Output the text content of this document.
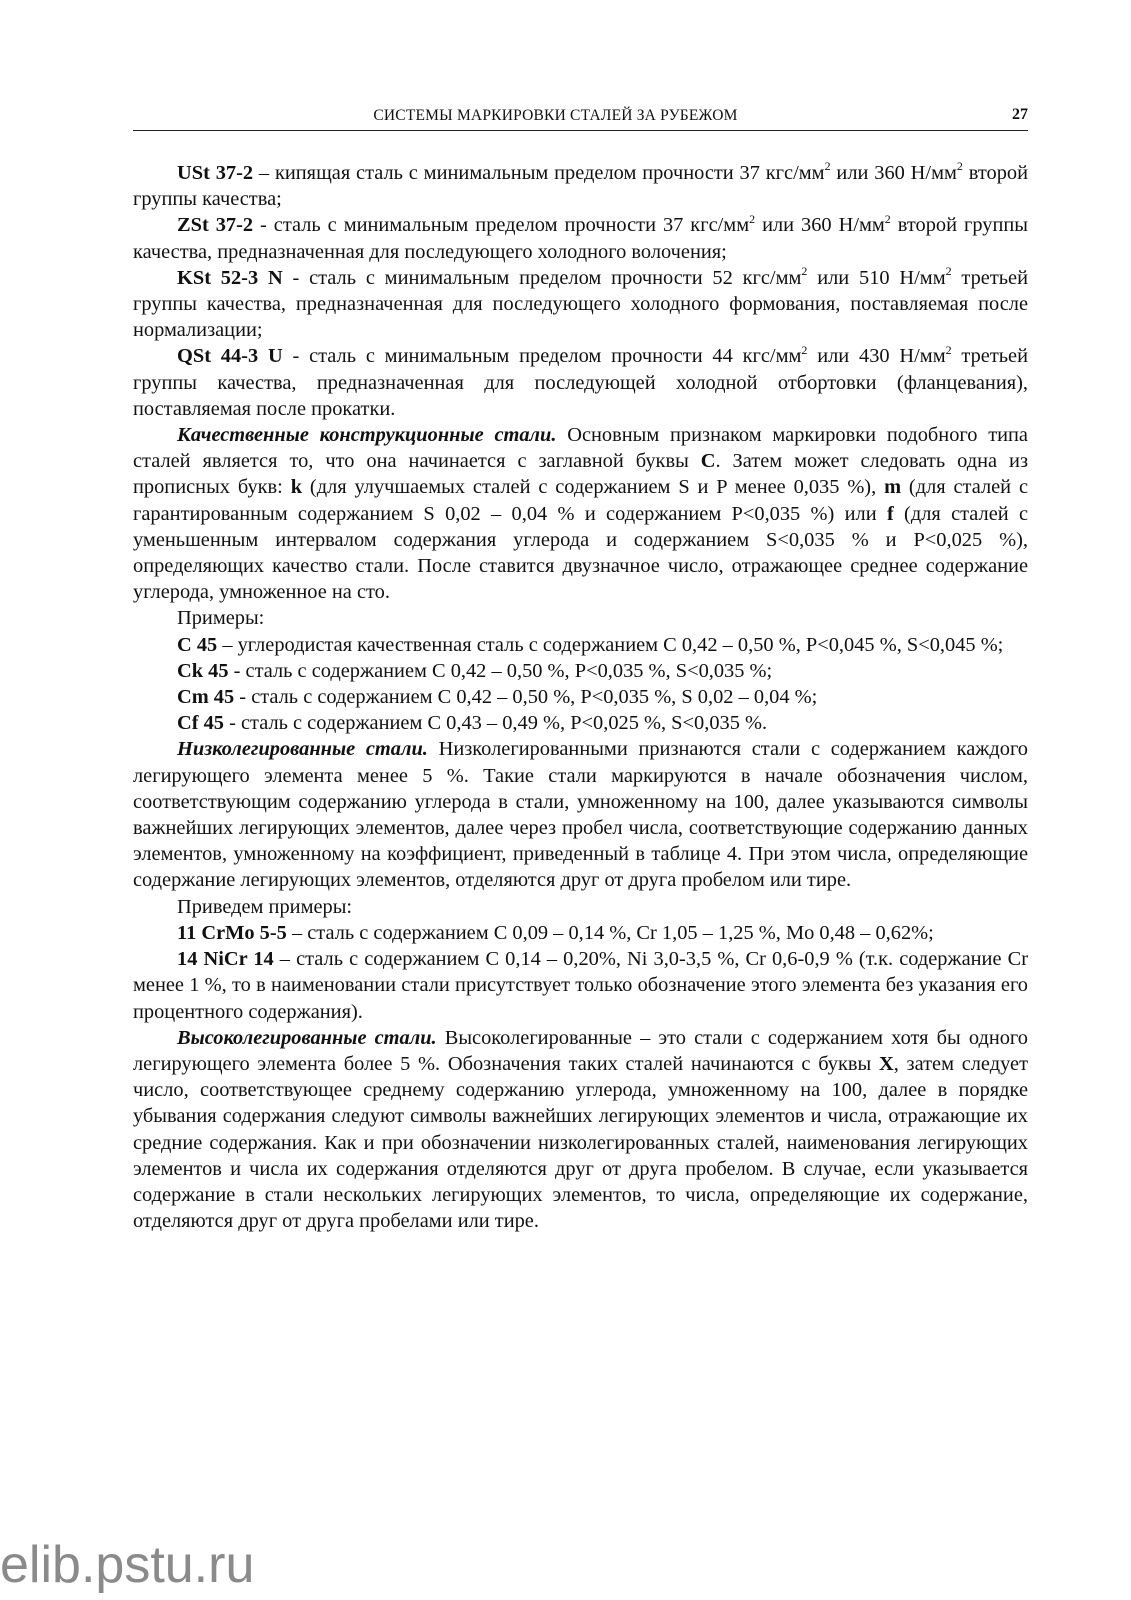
СИСТЕМЫ МАРКИРОВКИ СТАЛЕЙ ЗА РУБЕЖОМ	27

USt 37-2 – кипящая сталь с минимальным пределом прочности 37 кгс/$мм^2$ или 360 $Н/мм^2$ второй группы качества;

ZSt 37-2 - сталь с минимальным пределом прочности 37 кгс/$мм^2$ или 360 $Н/мм^2$ второй группы качества, предназначенная для последующего холодного волочения;

KSt 52-3 N - сталь с минимальным пределом прочности 52 кгс/$мм^2$ или 510 $Н/мм^2$ третьей группы качества, предназначенная для последующего холодного формования, поставляемая после нормализации;

QSt 44-3 U - сталь с минимальным пределом прочности 44 кгс/$мм^2$ или 430 $Н/мм^2$ третьей группы качества, предназначенная для последующей холодной отбортовки (фланцевания), поставляемая после прокатки.

Качественные конструкционные стали. Основным признаком маркировки подобного типа сталей является то, что она начинается с заглавной буквы С. Затем может следовать одна из прописных букв: k (для улучшаемых сталей с содержанием S и P менее 0,035 %), m (для сталей с гарантированным содержанием S 0,02 – 0,04 % и содержанием P<0,035 %) или f (для сталей с уменьшенным интервалом содержания углерода и содержанием S<0,035 % и P<0,025 %), определяющих качество стали. После ставится двузначное число, отражающее среднее содержание углерода, умноженное на сто.

Примеры:

C 45 – углеродистая качественная сталь с содержанием C 0,42 – 0,50 %, P<0,045 %, S<0,045 %;

Ck 45 - сталь с содержанием C 0,42 – 0,50 %, P<0,035 %, S<0,035 %;

Cm 45 - сталь с содержанием C 0,42 – 0,50 %, P<0,035 %, S 0,02 – 0,04 %;

Cf 45 - сталь с содержанием C 0,43 – 0,49 %, P<0,025 %, S<0,035 %.

Низколегированные стали. Низколегированными признаются стали с содержанием каждого легирующего элемента менее 5 %. Такие стали маркируются в начале обозначения числом, соответствующим содержанию углерода в стали, умноженному на 100, далее указываются символы важнейших легирующих элементов, далее через пробел числа, соответствующие содержанию данных элементов, умноженному на коэффициент, приведенный в таблице 4. При этом числа, определяющие содержание легирующих элементов, отделяются друг от друга пробелом или тире.

Приведем примеры:

11 CrMo 5-5 – сталь с содержанием C 0,09 – 0,14 %, Cr 1,05 – 1,25 %, Mo 0,48 – 0,62%;

14 NiCr 14 – сталь с содержанием C 0,14 – 0,20%, Ni 3,0-3,5 %, Cr 0,6-0,9 % (т.к. содержание Cr менее 1 %, то в наименовании стали присутствует только обозначение этого элемента без указания его процентного содержания).

Высоколегированные стали. Высоколегированные – это стали с содержанием хотя бы одного легирующего элемента более 5 %. Обозначения таких сталей начинаются с буквы X, затем следует число, соответствующее среднему содержанию углерода, умноженному на 100, далее в порядке убывания содержания следуют символы важнейших легирующих элементов и числа, отражающие их средние содержания. Как и при обозначении низколегированных сталей, наименования легирующих элементов и числа их содержания отделяются друг от друга пробелом. В случае, если указывается содержание в стали нескольких легирующих элементов, то числа, определяющие их содержание, отделяются друг от друга пробелами или тире.

elib.pstu.ru
